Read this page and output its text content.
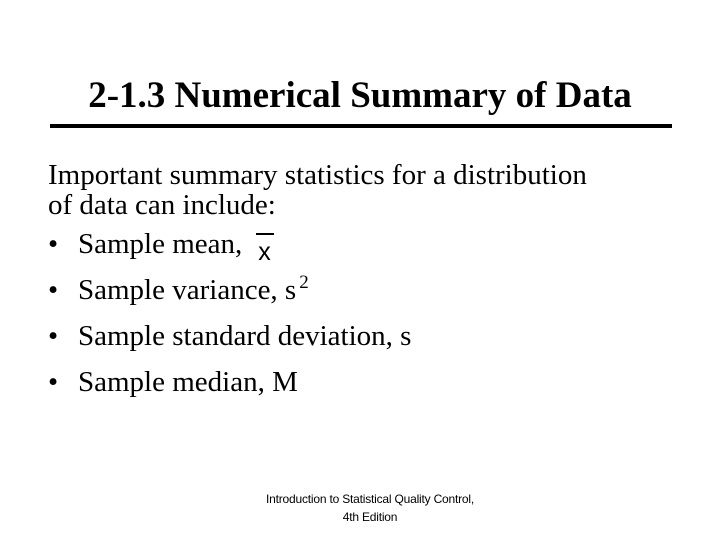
2-1.3 Numerical Summary of Data
Important summary statistics for a distribution
of data can include:
• Sample mean, x
• Sample variance, s $^2$
• Sample standard deviation, s
• Sample median, M
Introduction to Statistical Quality Control,
4th Edition
